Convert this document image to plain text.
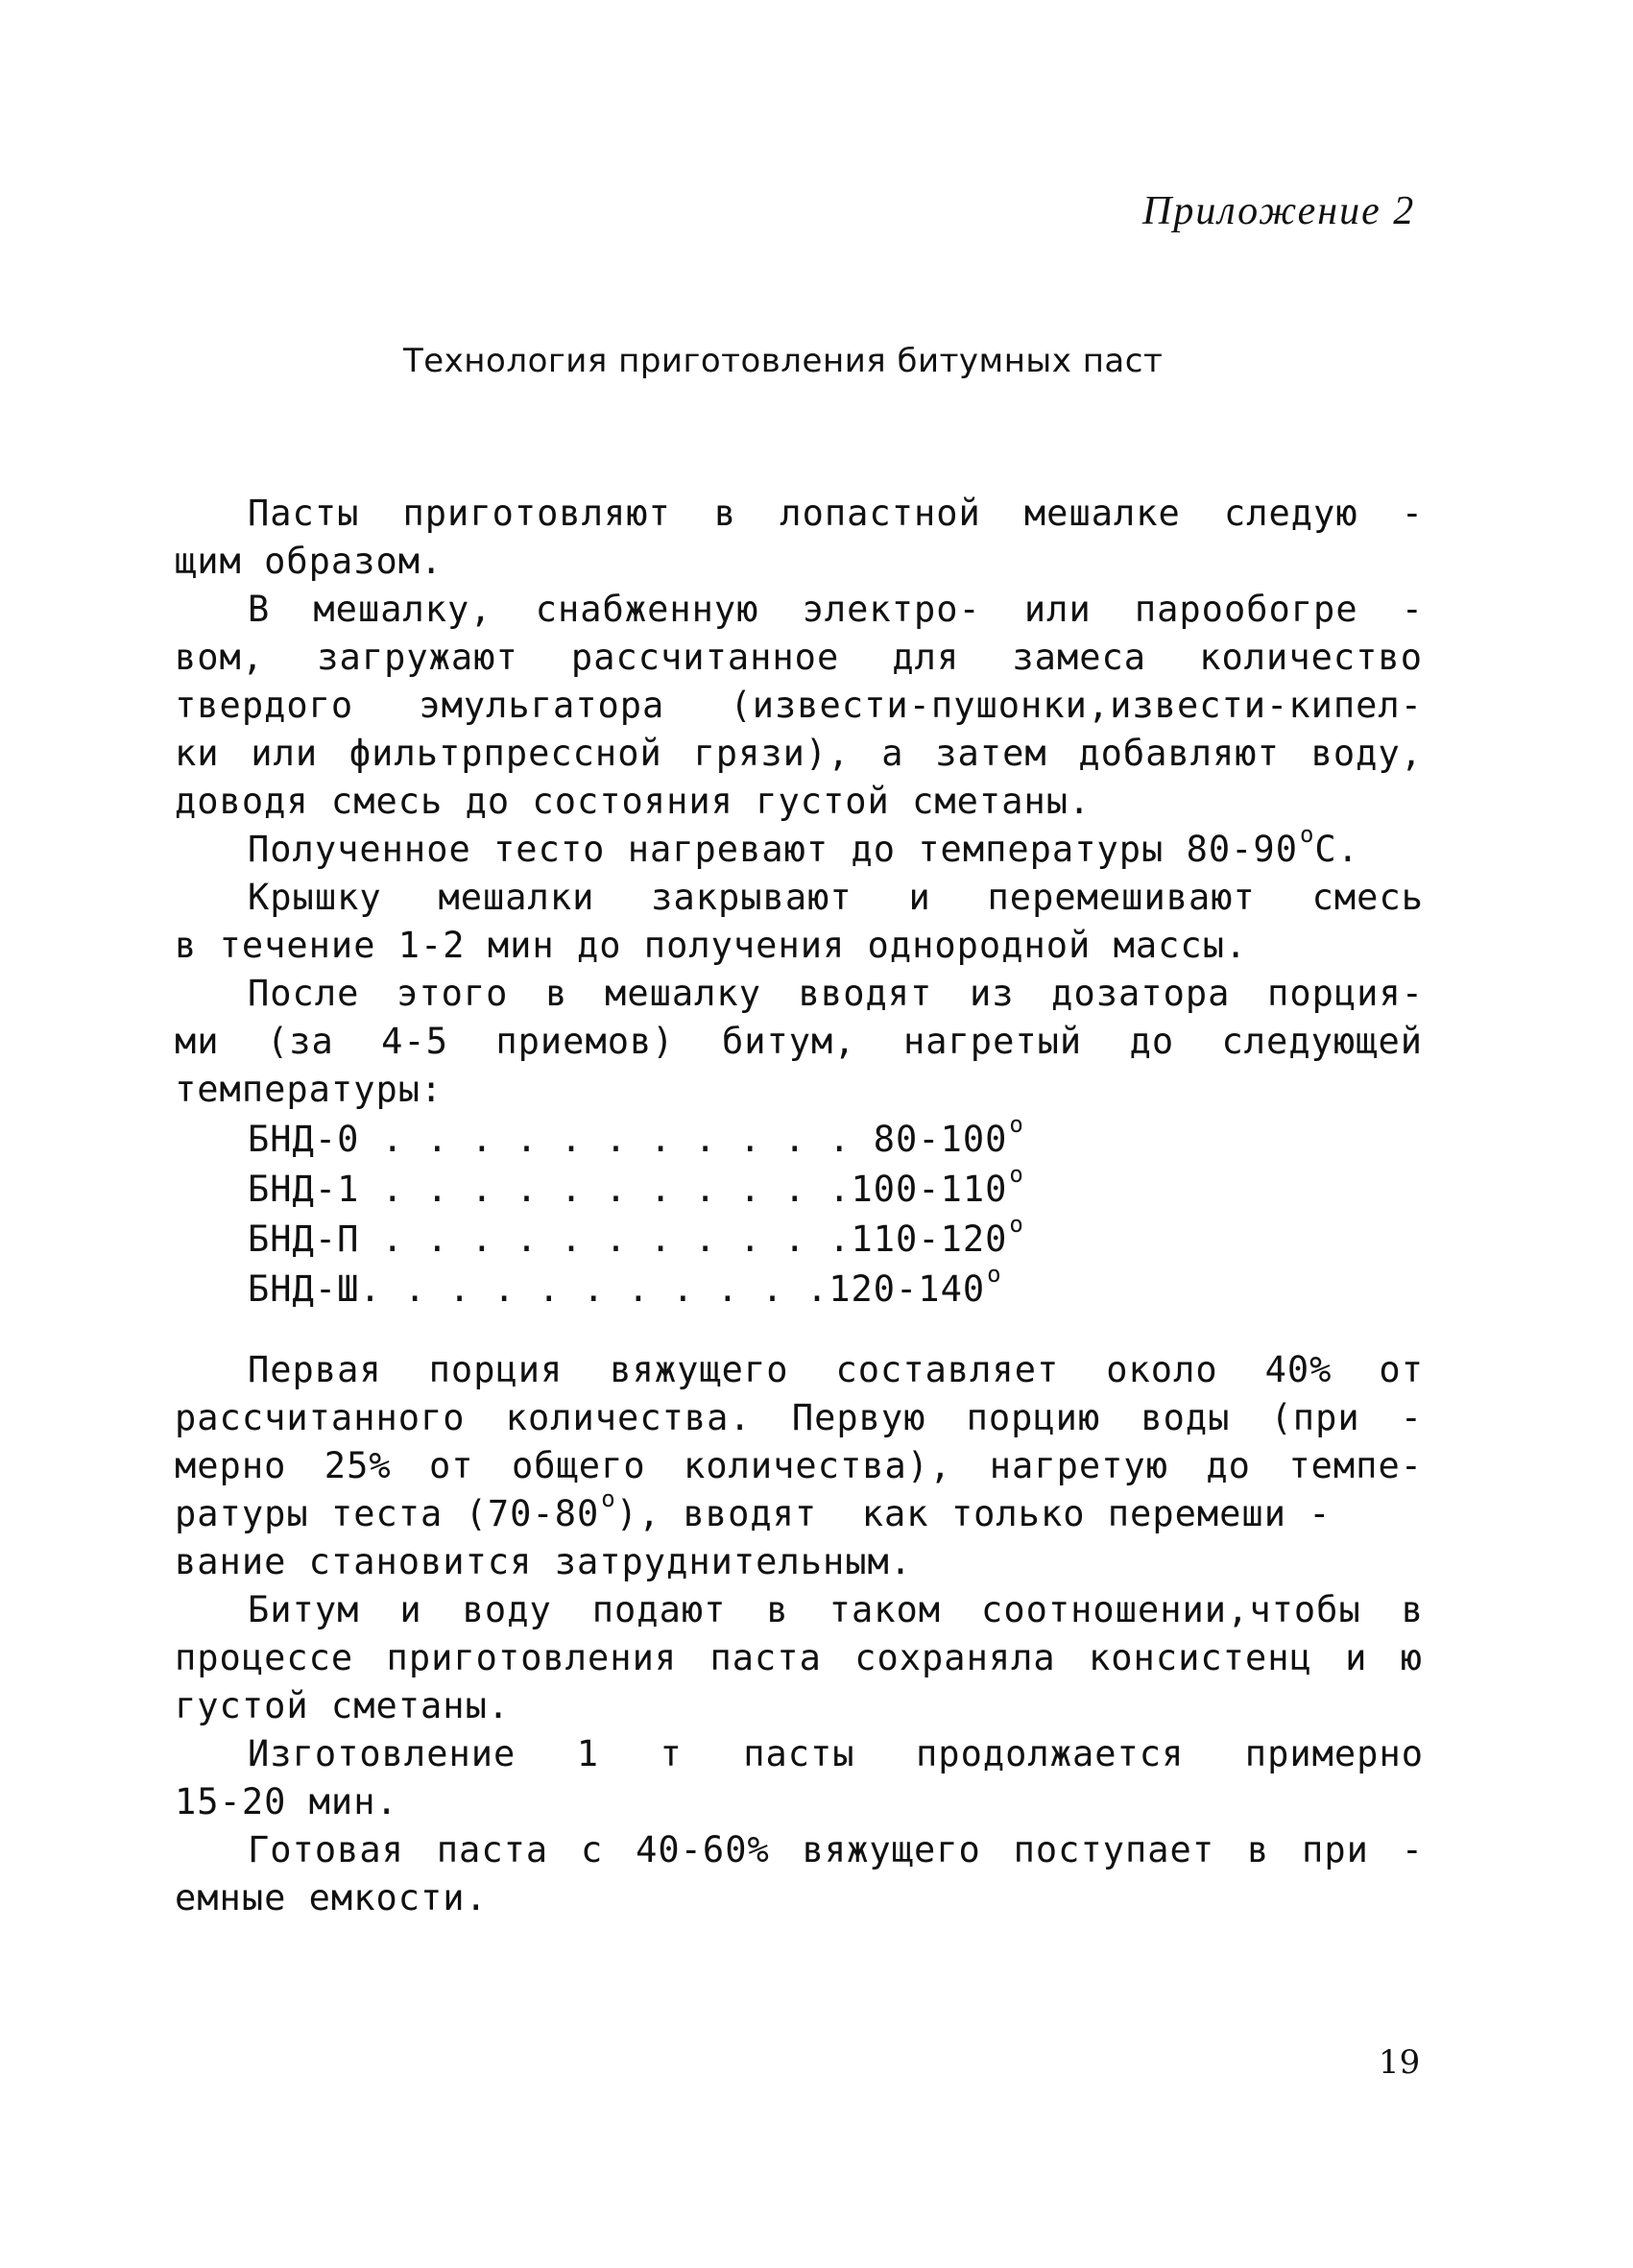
Приложение 2
Технология приготовления битумных паст
Пасты приготовляют в лопастной мешалке следую -
щим образом.
В мешалку, снабженную электро- или парообогре -
вом, загружают рассчитанное для замеса количество
твердого эмульгатора (извести-пушонки,извести-кипел-
ки или фильтрпрессной грязи), а затем добавляют воду,
доводя смесь до состояния густой сметаны.
Полученное тесто нагревают до температуры $80-90^оС$.
Крышку мешалки закрывают и перемешивают смесь
в течение 1-2 мин до получения однородной массы.
После этого в мешалку вводят из дозатора порция-
ми (за 4-5 приемов) битум, нагретый до следующей
температуры:
БНД-0 . . . . . . . . . . . $80-100^о$
БНД-1 . . . . . . . . . . $.100-110^о$
БНД-П . . . . . . . . . . $.110-120^о$
БНД-Ш. . . . . . . . . . $.120-140^о$
Первая порция вяжущего составляет около 40% от
рассчитанного количества. Первую порцию воды (при -
мерно 25% от общего количества), нагретую до темпе-
ратуры теста $(70-80^о)$, вводят  как только перемеши -
вание становится затруднительным.
Битум и воду подают в таком соотношении,чтобы в
процессе приготовления паста сохраняла консистенц и ю
густой сметаны.
Изготовление 1 т пасты продолжается примерно
15-20 мин.
Готовая паста с 40-60% вяжущего поступает в при -
емные емкости.
19
